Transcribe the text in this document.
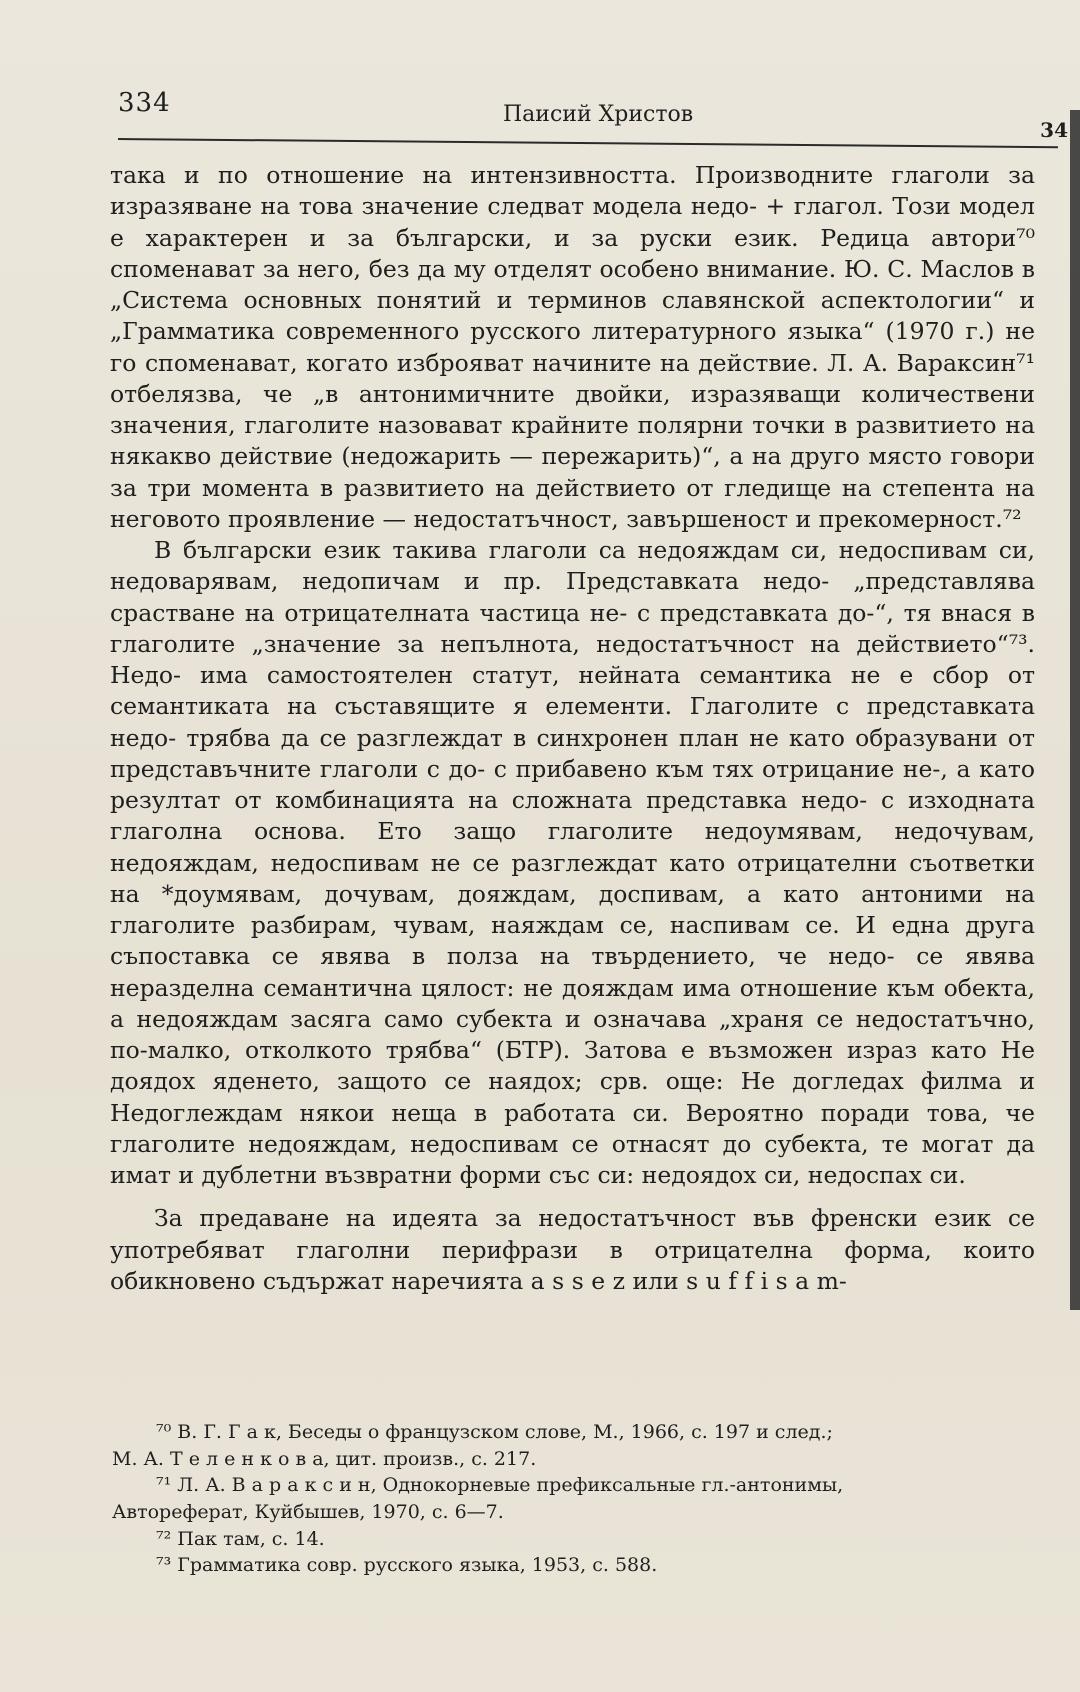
334	Паисий Христов
34

така и по отношение на интензивността. Производните глаголи за изразяване на това значение следват модела недо- + глагол. Този модел е характерен и за български, и за руски език. Редица автори⁷⁰ споменават за него, без да му отделят особено внимание. Ю. С. Маслов в „Система основных понятий и терминов славянской аспектологии“ и „Грамматика современного русского литературного языка“ (1970 г.) не го споменават, когато изброяват начините на действие. Л. А. Вараксин⁷¹ отбелязва, че „в антонимичните двойки, изразяващи количествени значения, глаголите назовават крайните полярни точки в развитието на някакво действие (недожарить — пережарить)“, а на друго място говори за три момента в развитието на действието от гледище на степента на неговото проявление — недостатъчност, завършеност и прекомерност.⁷²

В български език такива глаголи са недояждам си, недоспивам си, недоварявам, недопичам и пр. Представката недо- „представлява срастване на отрицателната частица не- с представката до-“, тя внася в глаголите „значение за непълнота, недостатъчност на действието“⁷³. Недо- има самостоятелен статут, нейната семантика не е сбор от семантиката на съставящите я елементи. Глаголите с представката недо- трябва да се разглеждат в синхронен план не като образувани от представъчните глаголи с до- с прибавено към тях отрицание не-, а като резултат от комбинацията на сложната представка недо- с изходната глаголна основа. Ето защо глаголите недоумявам, недочувам, недояждам, недоспивам не се разглеждат като отрицателни съответки на *доумявам, дочувам, дояждам, доспивам, а като антоними на глаголите разбирам, чувам, наяждам се, наспивам се. И една друга съпоставка се явява в полза на твърдението, че недо- се явява неразделна семантична цялост: не дояждам има отношение към обекта, а недояждам засяга само субекта и означава „храня се недостатъчно, по-малко, отколкото трябва“ (БТР). Затова е възможен израз като Не доядох яденето, защото се наядох; срв. още: Не догледах филма и Недоглеждам някои неща в работата си. Вероятно поради това, че глаголите недояждам, недоспивам се отнасят до субекта, те могат да имат и дублетни възвратни форми със си: недоядох си, недоспах си.

За предаване на идеята за недостатъчност във френски език се употребяват глаголни перифрази в отрицателна форма, които обикновено съдържат наречията a s s e z или s u f f i s a m-

⁷⁰ В. Г. Г а к, Беседы о французском слове, М., 1966, с. 197 и след.;

М. А. Т е л е н к о в а, цит. произв., с. 217.

⁷¹ Л. А. В а р а к с и н, Однокорневые префиксальные гл.-антонимы,

Автореферат, Куйбышев, 1970, с. 6—7.

⁷² Пак там, с. 14.

⁷³ Грамматика совр. русского языка, 1953, с. 588.
